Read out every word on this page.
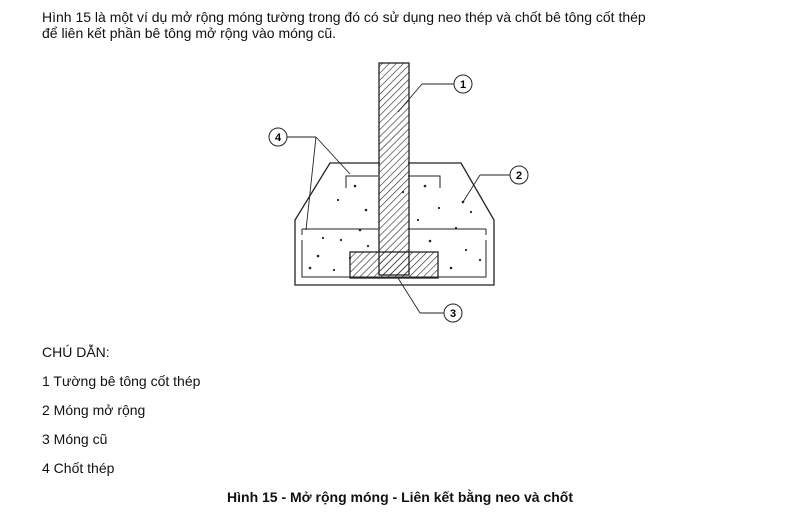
Hình 15 là một ví dụ mở rộng móng tường trong đó có sử dụng neo thép và chốt bê tông cốt thép
để liên kết phần bê tông mở rộng vào móng cũ.

1
2
3
4

CHÚ DẪN:

1 Tường bê tông cốt thép

2 Móng mở rộng

3 Móng cũ

4 Chốt thép

Hình 15 - Mở rộng móng - Liên kết bằng neo và chốt
